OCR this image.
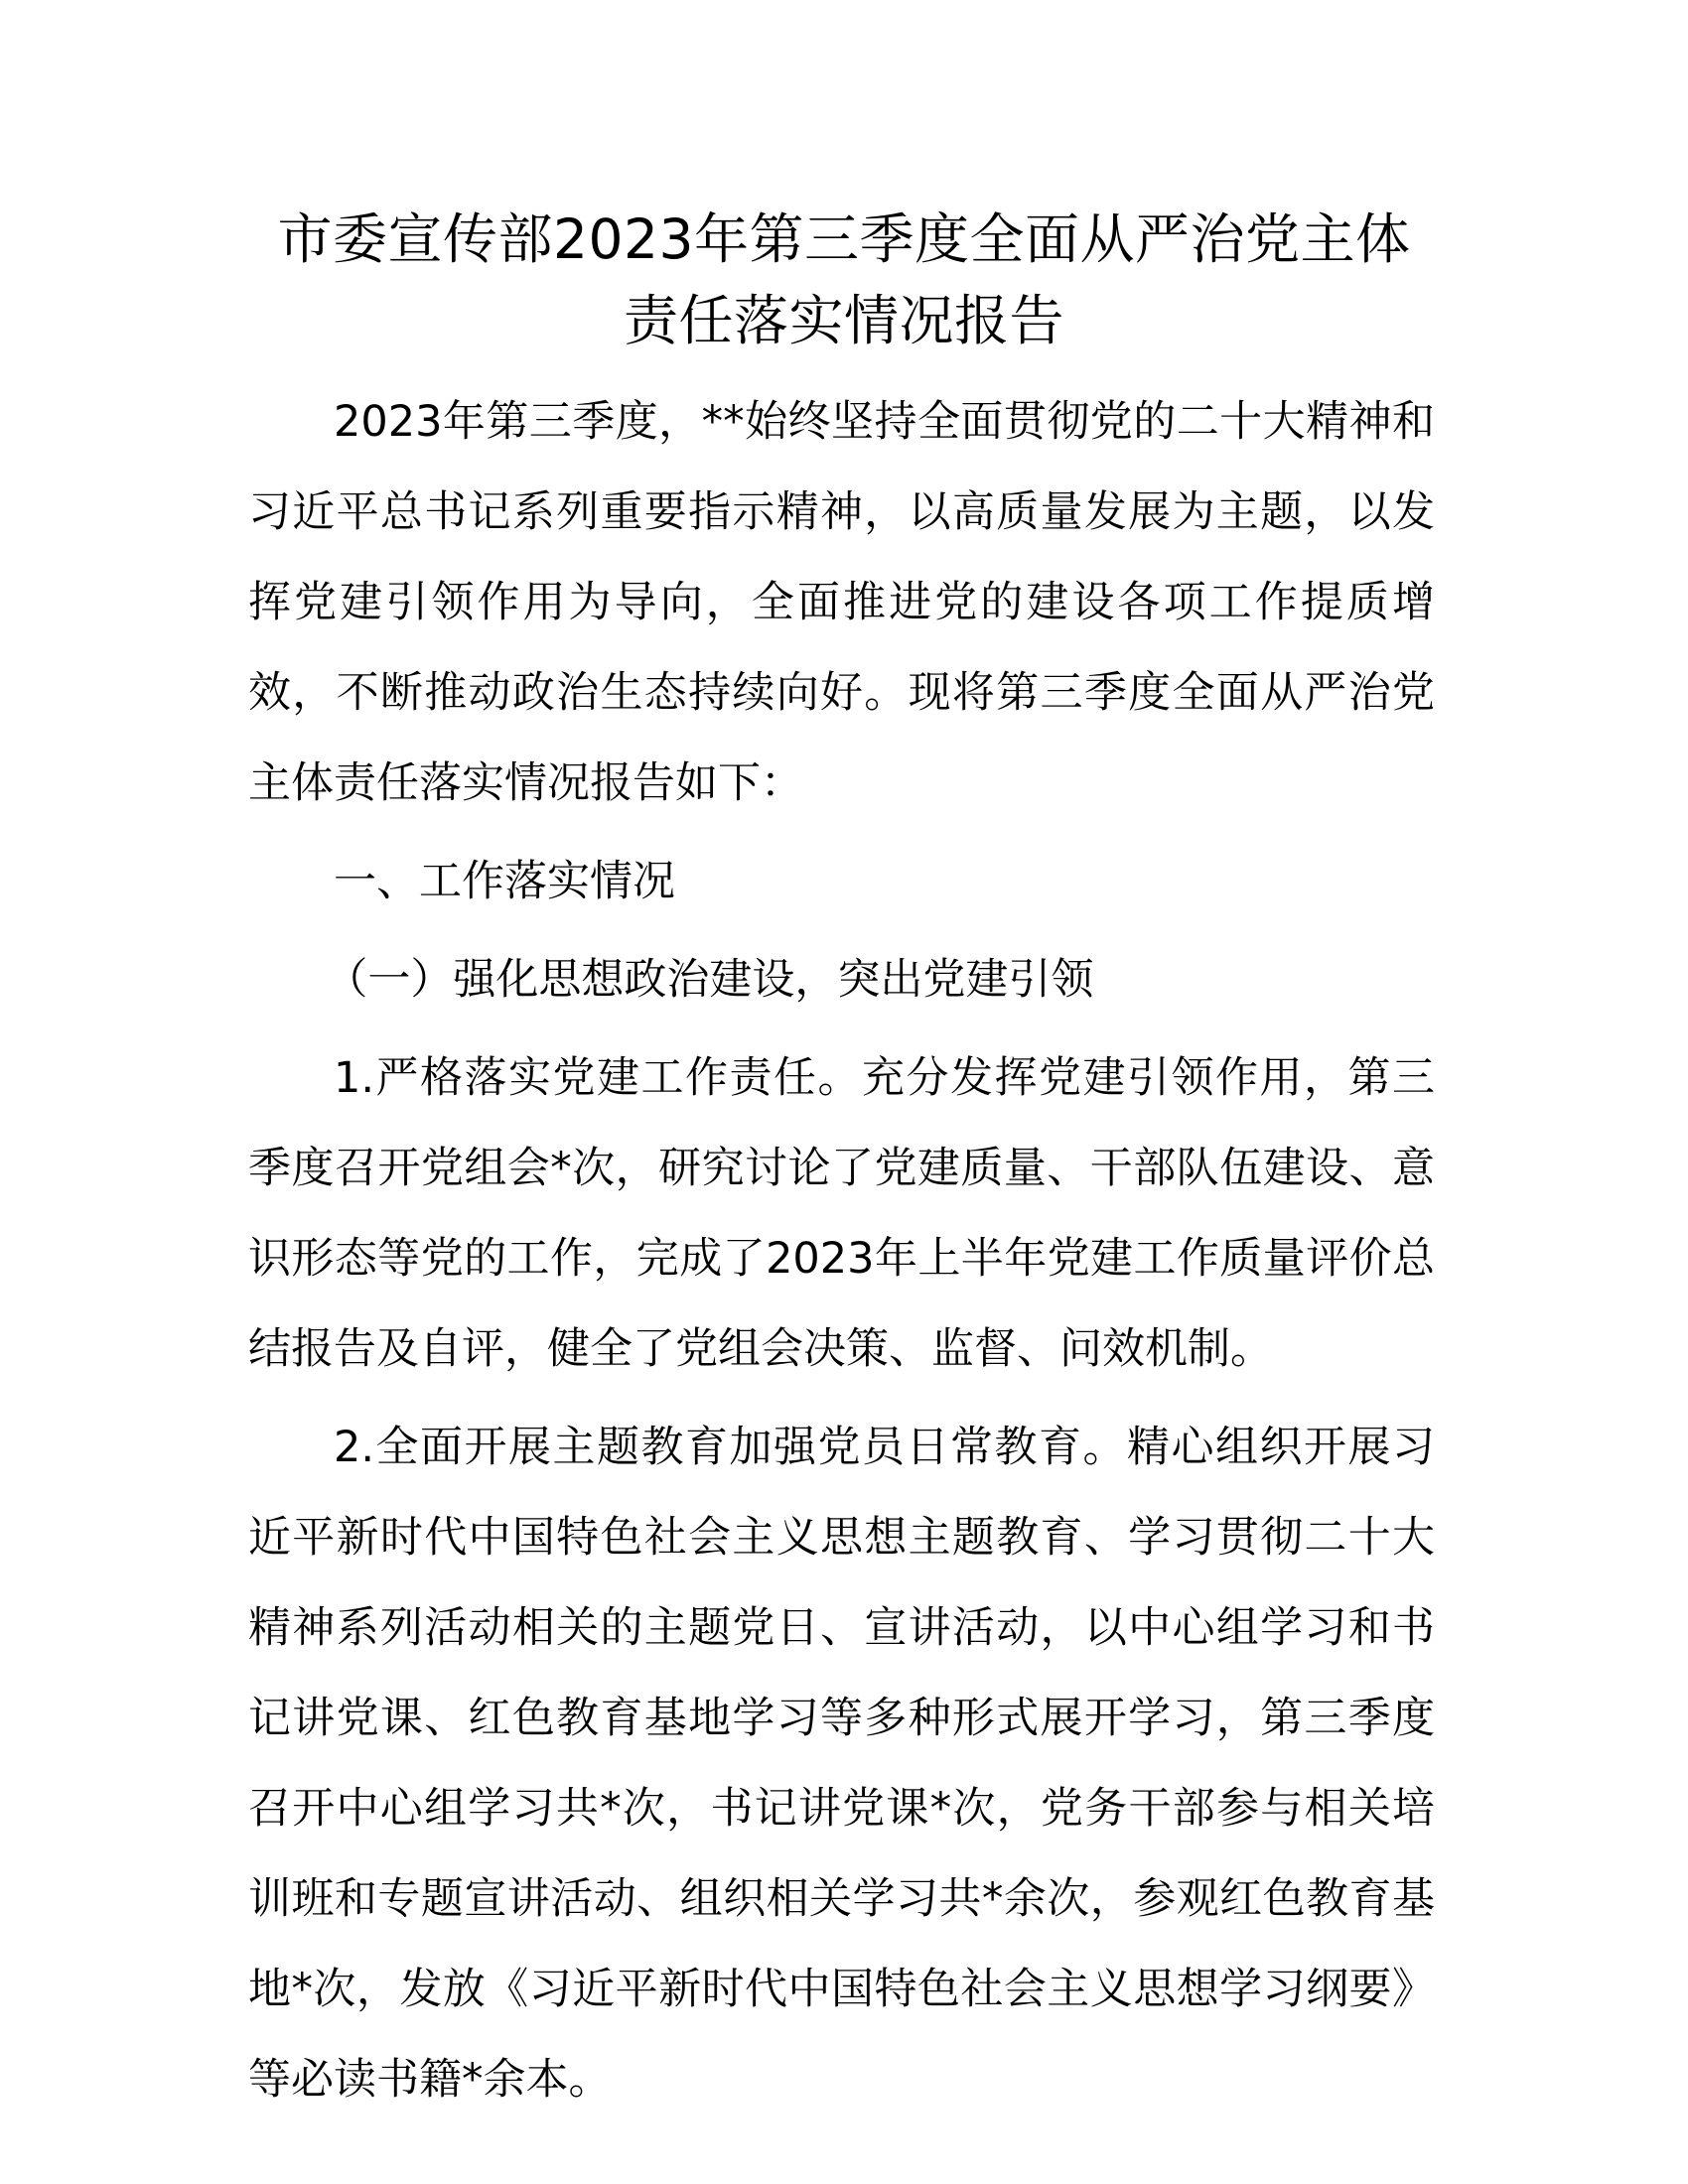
市委宣传部2023年第三季度全面从严治党主体
责任落实情况报告

2023年第三季度，**始终坚持全面贯彻党的二十大精神和习近平总书记系列重要指示精神，以高质量发展为主题，以发挥党建引领作用为导向，全面推进党的建设各项工作提质增效，不断推动政治生态持续向好。现将第三季度全面从严治党主体责任落实情况报告如下：

一、工作落实情况

（一）强化思想政治建设，突出党建引领

1.严格落实党建工作责任。充分发挥党建引领作用，第三季度召开党组会*次，研究讨论了党建质量、干部队伍建设、意识形态等党的工作，完成了2023年上半年党建工作质量评价总结报告及自评，健全了党组会决策、监督、问效机制。

2.全面开展主题教育加强党员日常教育。精心组织开展习近平新时代中国特色社会主义思想主题教育、学习贯彻二十大精神系列活动相关的主题党日、宣讲活动，以中心组学习和书记讲党课、红色教育基地学习等多种形式展开学习，第三季度召开中心组学习共*次，书记讲党课*次，党务干部参与相关培训班和专题宣讲活动、组织相关学习共*余次，参观红色教育基地*次，发放《习近平新时代中国特色社会主义思想学习纲要》等必读书籍*余本。
